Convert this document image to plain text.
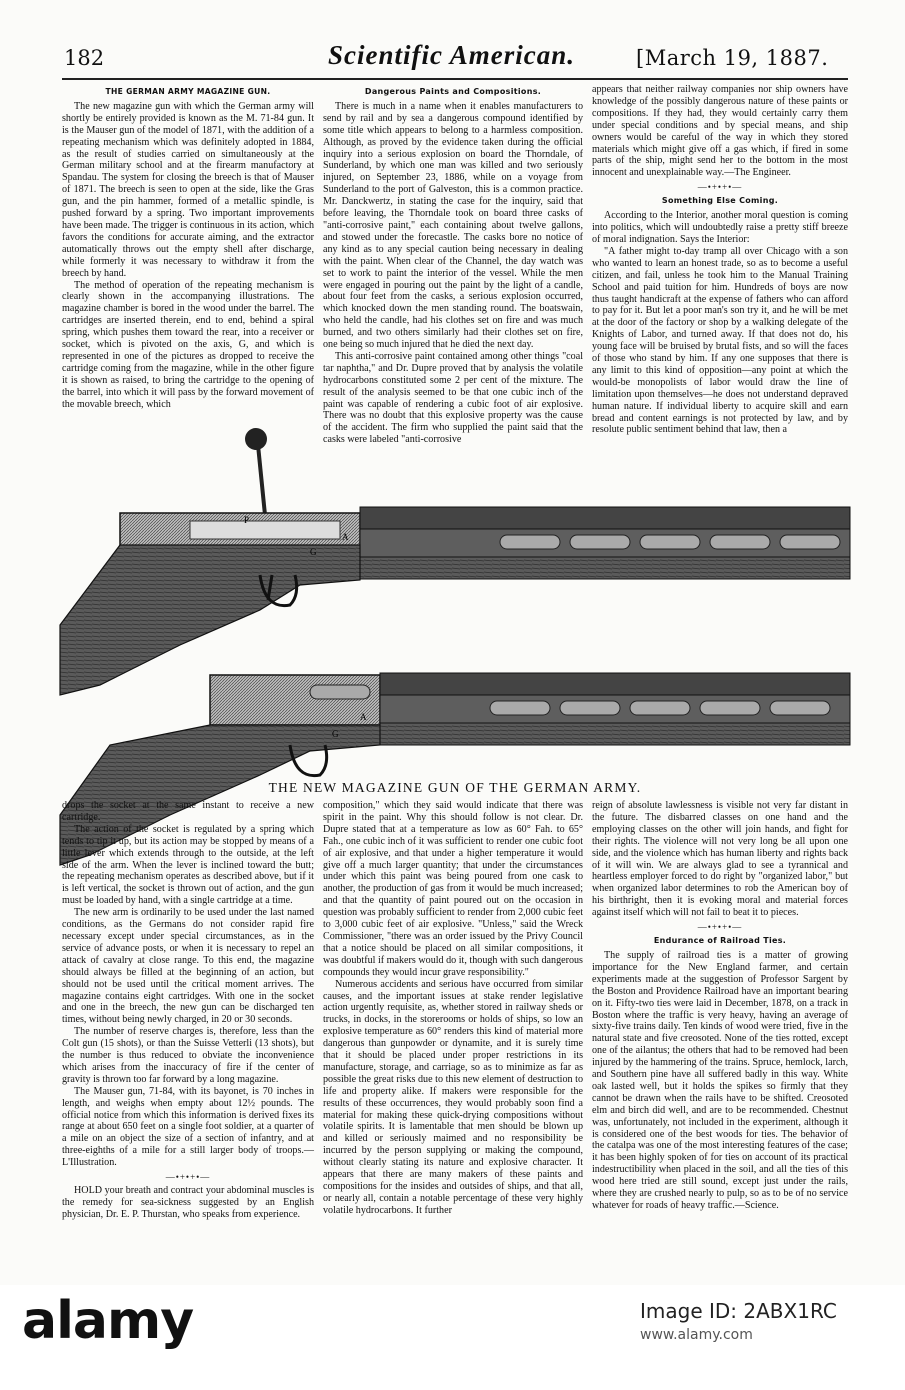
182	Scientific American.	[March 19, 1887.
THE GERMAN ARMY MAGAZINE GUN.

The new magazine gun with which the German army will shortly be entirely provided is known as the M. 71-84 gun. It is the Mauser gun of the model of 1871, with the addition of a repeating mechanism which was definitely adopted in 1884, as the result of studies carried on simultaneously at the German military school and at the firearm manufactory at Spandau. The system for closing the breech is that of Mauser of 1871. The breech is seen to open at the side, like the Gras gun, and the pin hammer, formed of a metallic spindle, is pushed forward by a spring. Two important improvements have been made. The trigger is continuous in its action, which favors the conditions for accurate aiming, and the extractor automatically throws out the empty shell after discharge, while formerly it was necessary to withdraw it from the breech by hand.

The method of operation of the repeating mechanism is clearly shown in the accompanying illustrations. The magazine chamber is bored in the wood under the barrel. The cartridges are inserted therein, end to end, behind a spiral spring, which pushes them toward the rear, into a receiver or socket, which is pivoted on the axis, G, and which is represented in one of the pictures as dropped to receive the cartridge coming from the magazine, while in the other figure it is shown as raised, to bring the cartridge to the opening of the barrel, into which it will pass by the forward movement of the movable breech, which

Dangerous Paints and Compositions.

There is much in a name when it enables manufacturers to send by rail and by sea a dangerous compound identified by some title which appears to belong to a harmless composition. Although, as proved by the evidence taken during the official inquiry into a serious explosion on board the Thorndale, of Sunderland, by which one man was killed and two seriously injured, on September 23, 1886, while on a voyage from Sunderland to the port of Galveston, this is a common practice. Mr. Danckwertz, in stating the case for the inquiry, said that before leaving, the Thorndale took on board three casks of "anti-corrosive paint," each containing about twelve gallons, and stowed under the forecastle. The casks bore no notice of any kind as to any special caution being necessary in dealing with the paint. When clear of the Channel, the day watch was set to work to paint the interior of the vessel. While the men were engaged in pouring out the paint by the light of a candle, about four feet from the casks, a serious explosion occurred, which knocked down the men standing round. The boatswain, who held the candle, had his clothes set on fire and was much burned, and two others similarly had their clothes set on fire, one being so much injured that he died the next day.

This anti-corrosive paint contained among other things "coal tar naphtha," and Dr. Dupre proved that by analysis the volatile hydrocarbons constituted some 2 per cent of the mixture. The result of the analysis seemed to be that one cubic inch of the paint was capable of rendering a cubic foot of air explosive. There was no doubt that this explosive property was the cause of the accident. The firm who supplied the paint said that the casks were labeled "anti-corrosive

appears that neither railway companies nor ship owners have knowledge of the possibly dangerous nature of these paints or compositions. If they had, they would certainly carry them under special conditions and by special means, and ship owners would be careful of the way in which they stored materials which might give off a gas which, if fired in some parts of the ship, might send her to the bottom in the most innocent and unexplainable way.—The Engineer.

—•+•+•—
Something Else Coming.

According to the Interior, another moral question is coming into politics, which will undoubtedly raise a pretty stiff breeze of moral indignation. Says the Interior:

"A father might to-day tramp all over Chicago with a son who wanted to learn an honest trade, so as to become a useful citizen, and fail, unless he took him to the Manual Training School and paid tuition for him. Hundreds of boys are now thus taught handicraft at the expense of fathers who can afford to pay for it. But let a poor man's son try it, and he will be met at the door of the factory or shop by a walking delegate of the Knights of Labor, and turned away. If that does not do, his young face will be bruised by brutal fists, and so will the faces of those who stand by him. If any one supposes that there is any limit to this kind of opposition—any point at which the would-be monopolists of labor would draw the line of limitation upon themselves—he does not understand depraved human nature. If individual liberty to acquire skill and earn bread and content earnings is not protected by law, and by resolute public sentiment behind that law, then a

P
A
G
A
G
THE NEW MAGAZINE GUN OF THE GERMAN ARMY.

drops the socket at the same instant to receive a new cartridge.

The action of the socket is regulated by a spring which tends to tip it up, but its action may be stopped by means of a little lever which extends through to the outside, at the left side of the arm. When the lever is inclined toward the butt; the repeating mechanism operates as described above, but if it is left vertical, the socket is thrown out of action, and the gun must be loaded by hand, with a single cartridge at a time.

The new arm is ordinarily to be used under the last named conditions, as the Germans do not consider rapid fire necessary except under special circumstances, as in the service of advance posts, or when it is necessary to repel an attack of cavalry at close range. To this end, the magazine should always be filled at the beginning of an action, but should not be used until the critical moment arrives. The magazine contains eight cartridges. With one in the socket and one in the breech, the new gun can be discharged ten times, without being newly charged, in 20 or 30 seconds.

The number of reserve charges is, therefore, less than the Colt gun (15 shots), or than the Suisse Vetterli (13 shots), but the number is thus reduced to obviate the inconvenience which arises from the inaccuracy of fire if the center of gravity is thrown too far forward by a long magazine.

The Mauser gun, 71-84, with its bayonet, is 70 inches in length, and weighs when empty about 12½ pounds. The official notice from which this information is derived fixes its range at about 650 feet on a single foot soldier, at a quarter of a mile on an object the size of a section of infantry, and at three-eighths of a mile for a still larger body of troops.—L'Illustration.

—•+•+•—

HOLD your breath and contract your abdominal muscles is the remedy for sea-sickness suggested by an English physician, Dr. E. P. Thurstan, who speaks from experience.

composition," which they said would indicate that there was spirit in the paint. Why this should follow is not clear. Dr. Dupre stated that at a temperature as low as 60° Fah. to 65° Fah., one cubic inch of it was sufficient to render one cubic foot of air explosive, and that under a higher temperature it would give off a much larger quantity; that under the circumstances under which this paint was being poured from one cask to another, the production of gas from it would be much increased; and that the quantity of paint poured out on the occasion in question was probably sufficient to render from 2,000 cubic feet to 3,000 cubic feet of air explosive. "Unless," said the Wreck Commissioner, "there was an order issued by the Privy Council that a notice should be placed on all similar compositions, it was doubtful if makers would do it, though with such dangerous compounds they would incur grave responsibility."

Numerous accidents and serious have occurred from similar causes, and the important issues at stake render legislative action urgently requisite, as, whether stored in railway sheds or trucks, in docks, in the storerooms or holds of ships, so low an explosive temperature as 60° renders this kind of material more dangerous than gunpowder or dynamite, and it is surely time that it should be placed under proper restrictions in its manufacture, storage, and carriage, so as to minimize as far as possible the great risks due to this new element of destruction to life and property alike. If makers were responsible for the results of these occurrences, they would probably soon find a material for making these quick-drying compositions without volatile spirits. It is lamentable that men should be blown up and killed or seriously maimed and no responsibility be incurred by the person supplying or making the compound, without clearly stating its nature and explosive character. It appears that there are many makers of these paints and compositions for the insides and outsides of ships, and that all, or nearly all, contain a notable percentage of these very highly volatile hydrocarbons. It further

reign of absolute lawlessness is visible not very far distant in the future. The disbarred classes on one hand and the employing classes on the other will join hands, and fight for their rights. The violence will not very long be all upon one side, and the violence which has human liberty and rights back of it will win. We are always glad to see a tyrannical and heartless employer forced to do right by "organized labor," but when organized labor determines to rob the American boy of his birthright, then it is evoking moral and material forces against itself which will not fail to beat it to pieces.

—•+•+•—
Endurance of Railroad Ties.

The supply of railroad ties is a matter of growing importance for the New England farmer, and certain experiments made at the suggestion of Professor Sargent by the Boston and Providence Railroad have an important bearing on it. Fifty-two ties were laid in December, 1878, on a track in Boston where the traffic is very heavy, having an average of sixty-five trains daily. Ten kinds of wood were tried, five in the natural state and five creosoted. None of the ties rotted, except one of the ailantus; the others that had to be removed had been injured by the hammering of the trains. Spruce, hemlock, larch, and Southern pine have all suffered badly in this way. White oak lasted well, but it holds the spikes so firmly that they cannot be drawn when the rails have to be shifted. Creosoted elm and birch did well, and are to be recommended. Chestnut was, unfortunately, not included in the experiment, although it is considered one of the best woods for ties. The behavior of the catalpa was one of the most interesting features of the case; it has been highly spoken of for ties on account of its practical indestructibility when placed in the soil, and all the ties of this wood here tried are still sound, except just under the rails, where they are crushed nearly to pulp, so as to be of no service whatever for roads of heavy traffic.—Science.

alamy	Image ID: 2ABX1RC
www.alamy.com
